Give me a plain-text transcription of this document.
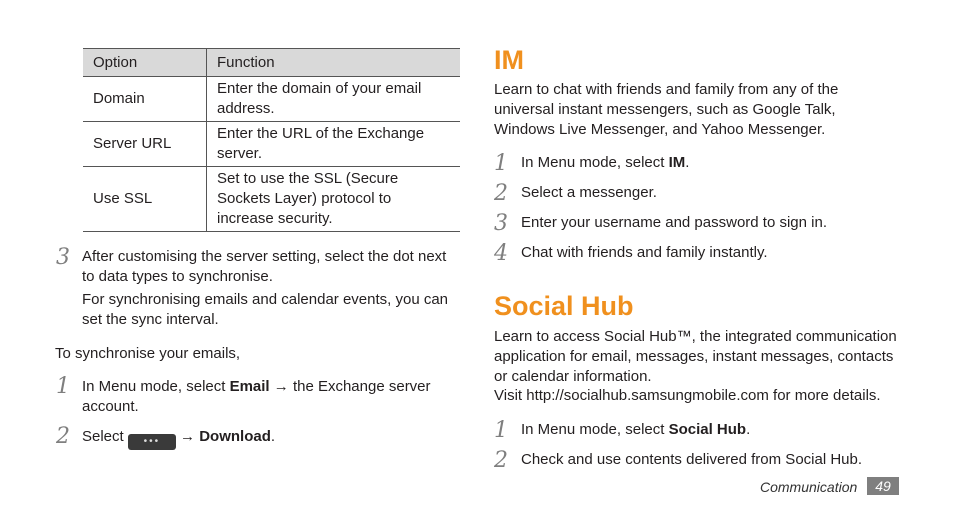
Option	Function
Domain	Enter the domain of your email address.
Server URL	Enter the URL of the Exchange server.
Use SSL	Set to use the SSL (Secure Sockets Layer) protocol to increase security.
3 After customising the server setting, select the dot next to data types to synchronise.
For synchronising emails and calendar events, you can set the sync interval.
To synchronise your emails,
1 In Menu mode, select Email → the Exchange server account.
2 Select ••• → Download.
IM
Learn to chat with friends and family from any of the universal instant messengers, such as Google Talk, Windows Live Messenger, and Yahoo Messenger.
1 In Menu mode, select IM.
2 Select a messenger.
3 Enter your username and password to sign in.
4 Chat with friends and family instantly.
Social Hub
Learn to access Social Hub™, the integrated communication application for email, messages, instant messages, contacts or calendar information.
Visit http://socialhub.samsungmobile.com for more details.
1 In Menu mode, select Social Hub.
2 Check and use contents delivered from Social Hub.
Communication	49
